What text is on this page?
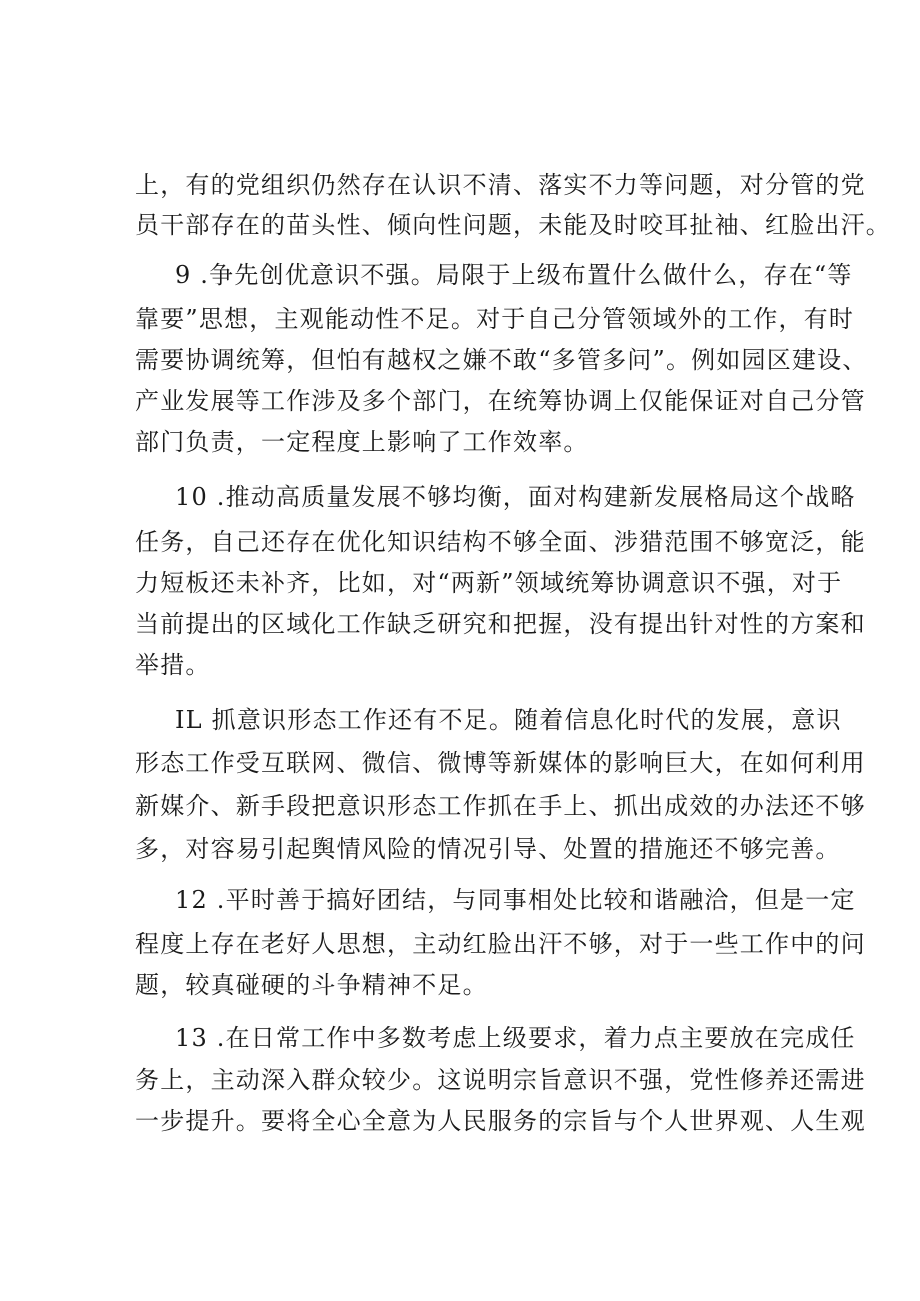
上，有的党组织仍然存在认识不清、落实不力等问题，对分管的党
员干部存在的苗头性、倾向性问题，未能及时咬耳扯袖、红脸出汗。
9 .争先创优意识不强。局限于上级布置什么做什么，存在“等
靠要”思想，主观能动性不足。对于自己分管领域外的工作，有时
需要协调统筹，但怕有越权之嫌不敢“多管多问”。例如园区建设、
产业发展等工作涉及多个部门，在统筹协调上仅能保证对自己分管
部门负责，一定程度上影响了工作效率。
10 .推动高质量发展不够均衡，面对构建新发展格局这个战略
任务，自己还存在优化知识结构不够全面、涉猎范围不够宽泛，能
力短板还未补齐，比如，对“两新”领域统筹协调意识不强，对于
当前提出的区域化工作缺乏研究和把握，没有提出针对性的方案和
举措。
IL 抓意识形态工作还有不足。随着信息化时代的发展，意识
形态工作受互联网、微信、微博等新媒体的影响巨大，在如何利用
新媒介、新手段把意识形态工作抓在手上、抓出成效的办法还不够
多，对容易引起舆情风险的情况引导、处置的措施还不够完善。
12 .平时善于搞好团结，与同事相处比较和谐融洽，但是一定
程度上存在老好人思想，主动红脸出汗不够，对于一些工作中的问
题，较真碰硬的斗争精神不足。
13 .在日常工作中多数考虑上级要求，着力点主要放在完成任
务上，主动深入群众较少。这说明宗旨意识不强，党性修养还需进
一步提升。要将全心全意为人民服务的宗旨与个人世界观、人生观
